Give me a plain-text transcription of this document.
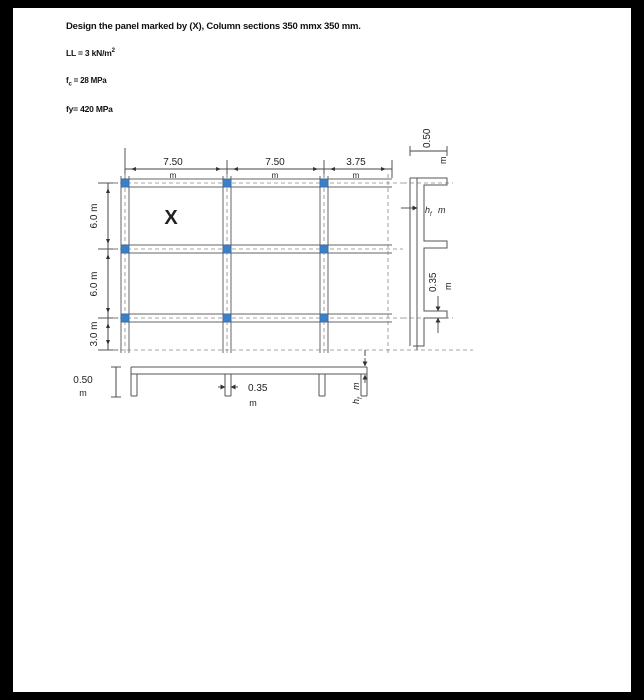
Design the panel marked by (X), Column sections 350 mmx 350 mm.
LL = 3 $kN/m^2$
$f_c = 28$ MPa
fy= 420 MPa
7.50
m
7.50
m
3.75
m
6.0 m
6.0 m
3.0 m
X
0.50
m	0.35
m	h
f
m
0.50
m
h f m
0.35 m
